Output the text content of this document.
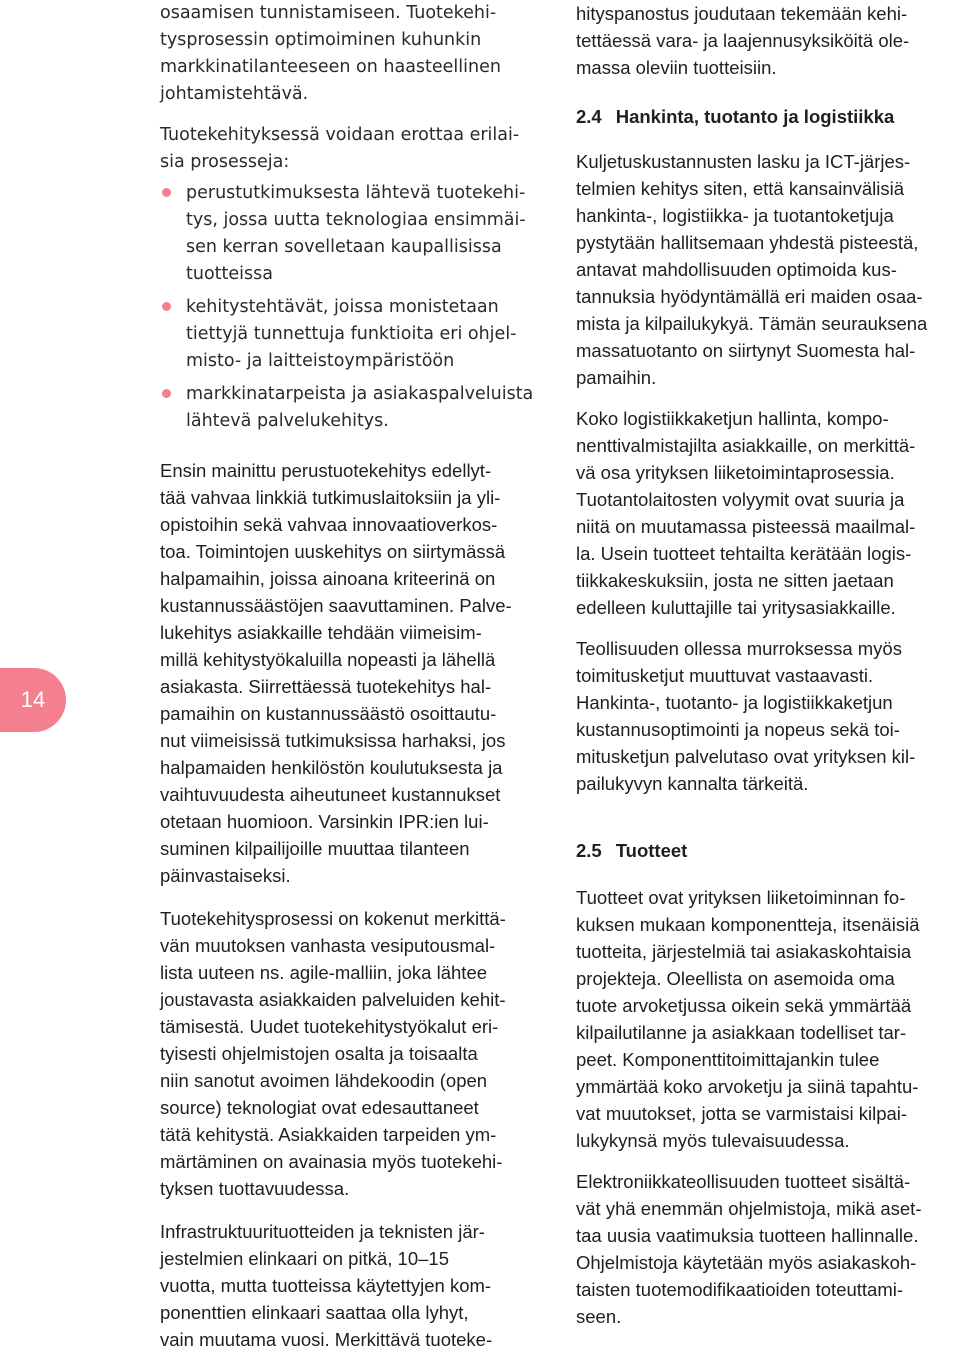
14

osaamisen tunnistamiseen. Tuotekehi-
tysprosessin optimoiminen kuhunkin
markkinatilanteeseen on haasteellinen
johtamistehtävä.

Tuotekehityksessä voidaan erottaa erilai-
sia prosesseja:

perustutkimuksesta lähtevä tuotekehi-
tys, jossa uutta teknologiaa ensimmäi-
sen kerran sovelletaan kaupallisissa
tuotteissa
kehitystehtävät, joissa monistetaan
tiettyjä tunnettuja funktioita eri ohjel-
misto- ja laitteistoympäristöön
markkinatarpeista ja asiakaspalveluista
lähtevä palvelukehitys.

Ensin mainittu perustuotekehitys edellyt-
tää vahvaa linkkiä tutkimuslaitoksiin ja yli-
opistoihin sekä vahvaa innovaatioverkos-
toa. Toimintojen uuskehitys on siirtymässä
halpamaihin, joissa ainoana kriteerinä on
kustannussäästöjen saavuttaminen. Palve-
lukehitys asiakkaille tehdään viimeisim-
millä kehitystyökaluilla nopeasti ja lähellä
asiakasta. Siirrettäessä tuotekehitys hal-
pamaihin on kustannussäästö osoittautu-
nut viimeisissä tutkimuksissa harhaksi, jos
halpamaiden henkilöstön koulutuksesta ja
vaihtuvuudesta aiheutuneet kustannukset
otetaan huomioon. Varsinkin IPR:ien lui-
suminen kilpailijoille muuttaa tilanteen
päinvastaiseksi.

Tuotekehitysprosessi on kokenut merkittä-
vän muutoksen vanhasta vesiputousmal-
lista uuteen ns. agile-malliin, joka lähtee
joustavasta asiakkaiden palveluiden kehit-
tämisestä. Uudet tuotekehitystyökalut eri-
tyisesti ohjelmistojen osalta ja toisaalta
niin sanotut avoimen lähdekoodin (open
source) teknologiat ovat edesauttaneet
tätä kehitystä. Asiakkaiden tarpeiden ym-
märtäminen on avainasia myös tuotekehi-
tyksen tuottavuudessa.

Infrastruktuurituotteiden ja teknisten jär-
jestelmien elinkaari on pitkä, 10–15
vuotta, mutta tuotteissa käytettyjen kom-
ponenttien elinkaari saattaa olla lyhyt,
vain muutama vuosi. Merkittävä tuoteke-

hityspanostus joudutaan tekemään kehi-
tettäessä vara- ja laajennusyksiköitä ole-
massa oleviin tuotteisiin.

2.4 Hankinta, tuotanto ja logistiikka

Kuljetuskustannusten lasku ja ICT-järjes-
telmien kehitys siten, että kansainvälisiä
hankinta-, logistiikka- ja tuotantoketjuja
pystytään hallitsemaan yhdestä pisteestä,
antavat mahdollisuuden optimoida kus-
tannuksia hyödyntämällä eri maiden osaa-
mista ja kilpailukykyä. Tämän seurauksena
massatuotanto on siirtynyt Suomesta hal-
pamaihin.

Koko logistiikkaketjun hallinta, kompo-
nenttivalmistajilta asiakkaille, on merkittä-
vä osa yrityksen liiketoimintaprosessia.
Tuotantolaitosten volyymit ovat suuria ja
niitä on muutamassa pisteessä maailmal-
la. Usein tuotteet tehtailta kerätään logis-
tiikkakeskuksiin, josta ne sitten jaetaan
edelleen kuluttajille tai yritysasiakkaille.

Teollisuuden ollessa murroksessa myös
toimitusketjut muuttuvat vastaavasti.
Hankinta-, tuotanto- ja logistiikkaketjun
kustannusoptimointi ja nopeus sekä toi-
mitusketjun palvelutaso ovat yrityksen kil-
pailukyvyn kannalta tärkeitä.

2.5 Tuotteet

Tuotteet ovat yrityksen liiketoiminnan fo-
kuksen mukaan komponentteja, itsenäisiä
tuotteita, järjestelmiä tai asiakaskohtaisia
projekteja. Oleellista on asemoida oma
tuote arvoketjussa oikein sekä ymmärtää
kilpailutilanne ja asiakkaan todelliset tar-
peet. Komponenttitoimittajankin tulee
ymmärtää koko arvoketju ja siinä tapahtu-
vat muutokset, jotta se varmistaisi kilpai-
lukykynsä myös tulevaisuudessa.

Elektroniikkateollisuuden tuotteet sisältä-
vät yhä enemmän ohjelmistoja, mikä aset-
taa uusia vaatimuksia tuotteen hallinnalle.
Ohjelmistoja käytetään myös asiakaskoh-
taisten tuotemodifikaatioiden toteuttami-
seen.
